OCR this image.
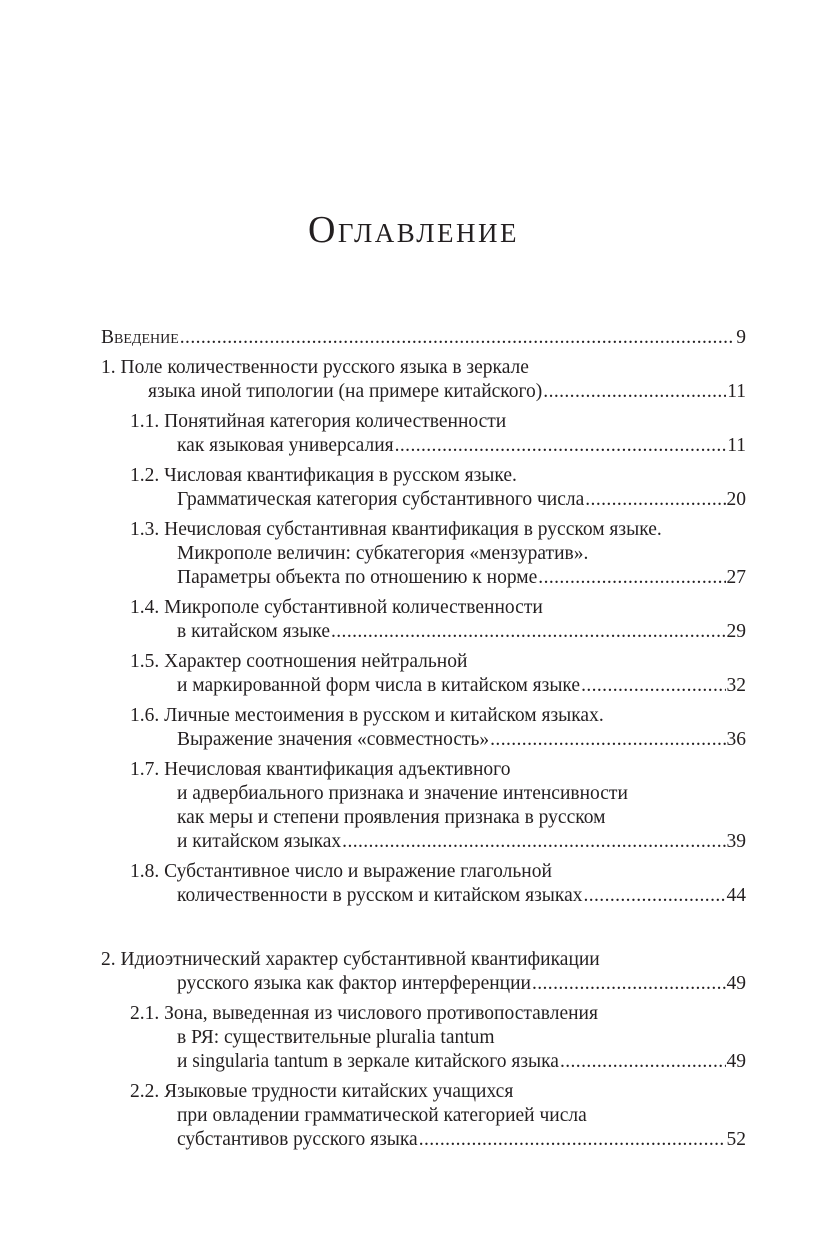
Оглавление
Введение .....	9
1. Поле количественности русского языка в зеркале
языка иной типологии (на примере китайского) .....	11
1.1. Понятийная категория количественности
как языковая универсалия .....	11
1.2. Числовая квантификация в русском языке.
Грамматическая категория субстантивного числа .....	20
1.3. Нечисловая субстантивная квантификация в русском языке.
Микрополе величин: субкатегория «мензуратив».
Параметры объекта по отношению к норме .....	27
1.4. Микрополе субстантивной количественности
в китайском языке .....	29
1.5. Характер соотношения нейтральной
и маркированной форм числа в китайском языке .....	32
1.6. Личные местоимения в русском и китайском языках.
Выражение значения «совместность» .....	36
1.7. Нечисловая квантификация адъективного
и адвербиального признака и значение интенсивности
как меры и степени проявления признака в русском
и китайском языках .....	39
1.8. Субстантивное число и выражение глагольной
количественности в русском и китайском языках .....	44
2. Идиоэтнический характер субстантивной квантификации
русского языка как фактор интерференции .....	49
2.1. Зона, выведенная из числового противопоставления
в РЯ: существительные pluralia tantum
и singularia tantum в зеркале китайского языка .....	49
2.2. Языковые трудности китайских учащихся
при овладении грамматической категорией числа
субстантивов русского языка .....	52
